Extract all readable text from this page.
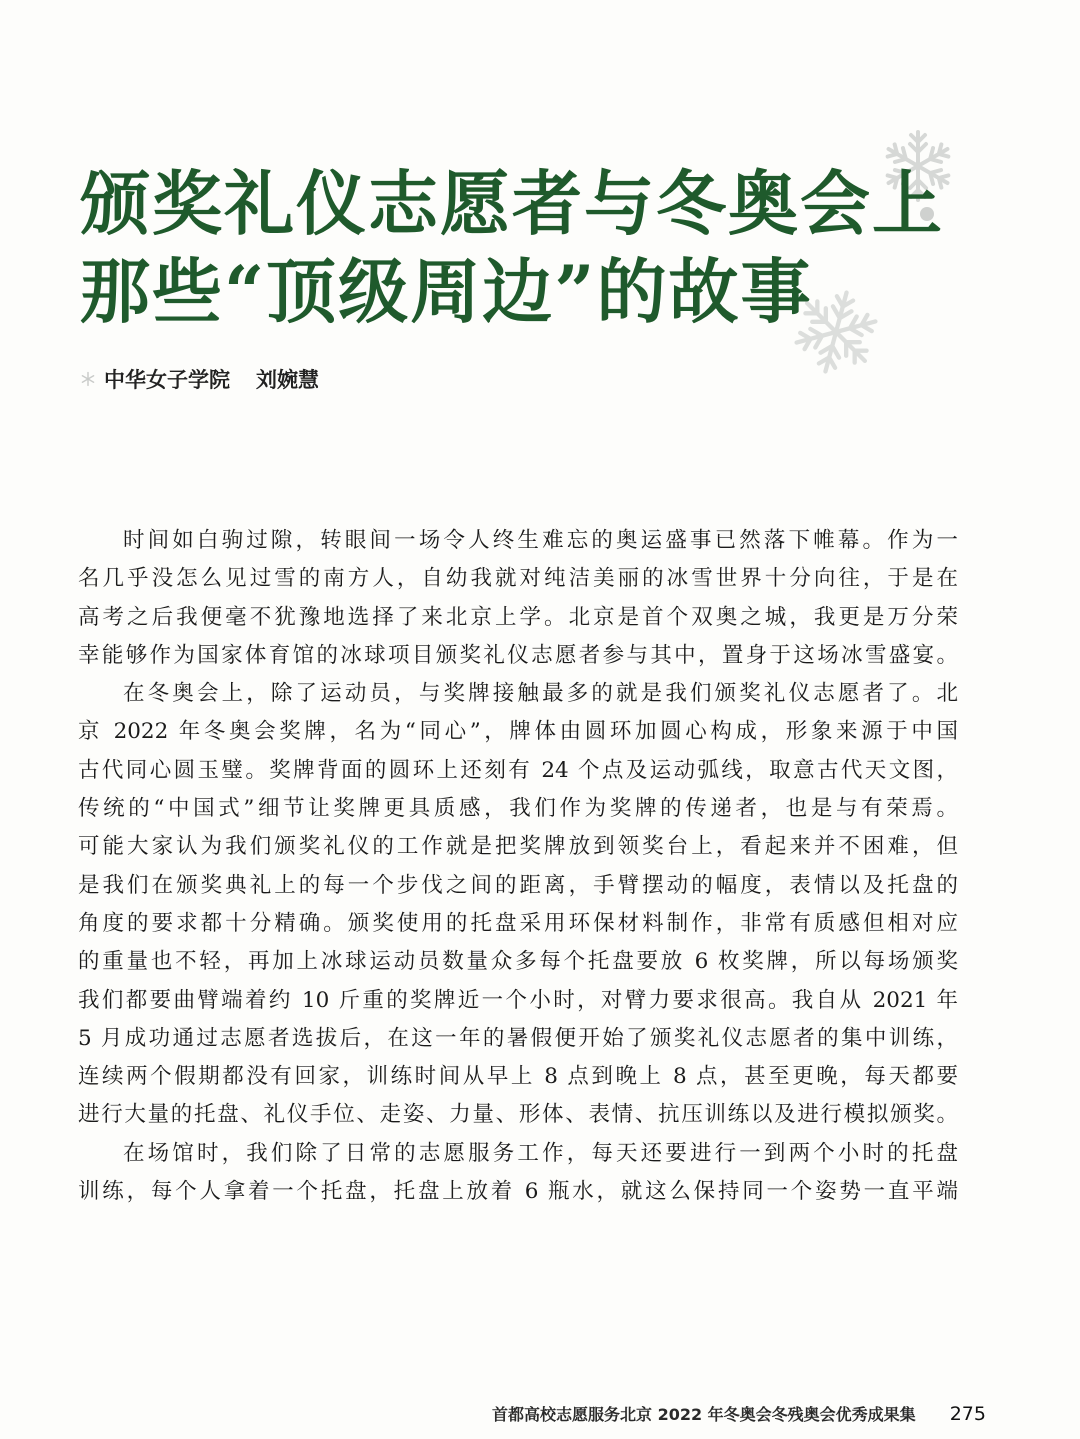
颁奖礼仪志愿者与冬奥会上
那些“顶级周边”的故事
中华女子学院 刘婉慧
时间如白驹过隙，转眼间一场令人终生难忘的奥运盛事已然落下帷幕。作为一
名几乎没怎么见过雪的南方人，自幼我就对纯洁美丽的冰雪世界十分向往，于是在
高考之后我便毫不犹豫地选择了来北京上学。北京是首个双奥之城，我更是万分荣
幸能够作为国家体育馆的冰球项目颁奖礼仪志愿者参与其中，置身于这场冰雪盛宴。
在冬奥会上，除了运动员，与奖牌接触最多的就是我们颁奖礼仪志愿者了。北
京 2022 年冬奥会奖牌，名为“同心”，牌体由圆环加圆心构成，形象来源于中国
古代同心圆玉璧。奖牌背面的圆环上还刻有 24 个点及运动弧线，取意古代天文图，
传统的“中国式”细节让奖牌更具质感，我们作为奖牌的传递者，也是与有荣焉。
可能大家认为我们颁奖礼仪的工作就是把奖牌放到领奖台上，看起来并不困难，但
是我们在颁奖典礼上的每一个步伐之间的距离，手臂摆动的幅度，表情以及托盘的
角度的要求都十分精确。颁奖使用的托盘采用环保材料制作，非常有质感但相对应
的重量也不轻，再加上冰球运动员数量众多每个托盘要放 6 枚奖牌，所以每场颁奖
我们都要曲臂端着约 10 斤重的奖牌近一个小时，对臂力要求很高。我自从 2021 年
5 月成功通过志愿者选拔后，在这一年的暑假便开始了颁奖礼仪志愿者的集中训练，
连续两个假期都没有回家，训练时间从早上 8 点到晚上 8 点，甚至更晚，每天都要
进行大量的托盘、礼仪手位、走姿、力量、形体、表情、抗压训练以及进行模拟颁奖。
在场馆时，我们除了日常的志愿服务工作，每天还要进行一到两个小时的托盘
训练，每个人拿着一个托盘，托盘上放着 6 瓶水，就这么保持同一个姿势一直平端
首都高校志愿服务北京 2022 年冬奥会冬残奥会优秀成果集 275
